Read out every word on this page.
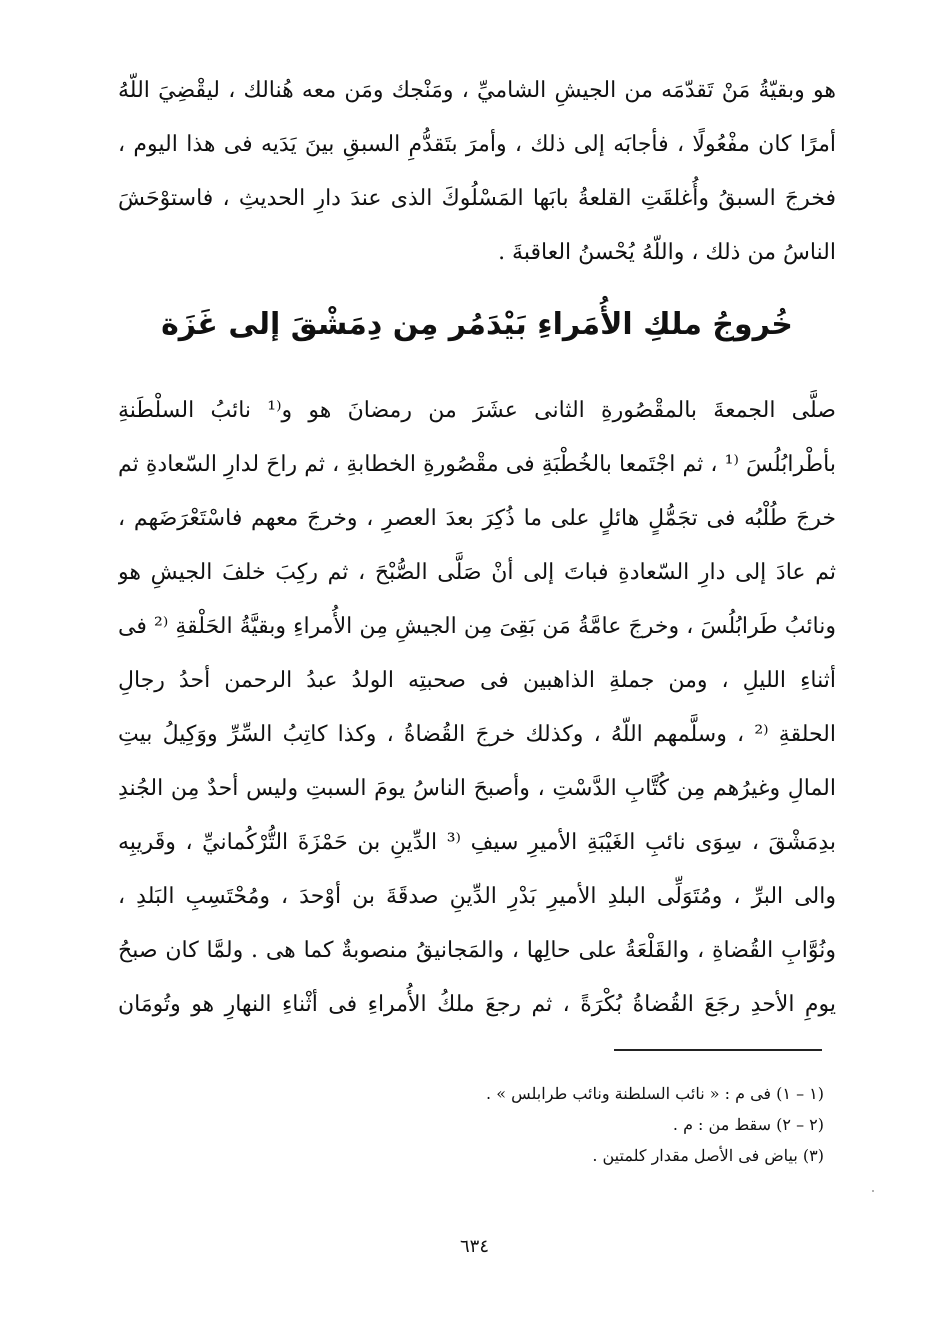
هو وبقيّةُ مَنْ تَقدّمَه من الجيشِ الشاميِّ ، ومَنْجك ومَن معه هُنالك ، ليقْضِيَ اللّهُ
أمرًا كان مفْعُولًا ، فأجابَه إلى ذلك ، وأمرَ بتَقدُّمِ السبقِ بينَ يَدَيه فى هذا اليوم ،
فخرجَ السبقُ وأُغلقَتِ القلعةُ بابَها المَسْلُوكَ الذى عندَ دارِ الحديثِ ، فاستوْحَشَ
الناسُ من ذلك ، واللّهُ يُحْسنُ العاقبةَ .
خُروجُ ملكِ الأُمَراءِ بَيْدَمُر مِن دِمَشْقَ إلى غَزَة
صلَّى الجمعةَ بالمقْصُورةِ الثانى عشَرَ من رمضانَ هو و⁽¹ نائبُ السلْطَنةِ
بأطْرابُلُسَ ⁽¹ ، ثم اجْتَمعا بالخُطْبَةِ فى مقْصُورةِ الخطابةِ ، ثم راحَ لدارِ السّعادةِ ثم
خرجَ طُلْبُه فى تجَمُّلٍ هائلٍ على ما ذُكِرَ بعدَ العصرِ ، وخرجَ معهم فاسْتَعْرَضَهم ،
ثم عادَ إلى دارِ السّعادةِ فباتَ إلى أنْ صَلَّى الصُّبْحَ ، ثم ركِبَ خلفَ الجيشِ هو
ونائبُ طَرابُلُسَ ، وخرجَ عامَّةُ مَن بَقِىَ مِن الجيشِ مِن الأُمراءِ وبقيَّةُ الحَلْقةِ ⁽² فى
أثناءِ الليلِ ، ومن جملةِ الذاهبين فى صحبتِه الولدُ عبدُ الرحمن أحدُ رجالِ
الحلقةِ ⁽² ، وسلَّمهم اللّهُ ، وكذلك خرجَ القُضاةُ ، وكذا كاتِبُ السِّرِّ ووَكِيلُ بيتِ
المالِ وغيرُهم مِن كُتَّابِ الدَّسْتِ ، وأصبحَ الناسُ يومَ السبتِ وليس أحدٌ مِن الجُندِ
بدِمَشْقَ ، سِوَى نائبِ الغَيْبَةِ الأميرِ سيفِ ⁽³ الدِّينِ بن حَمْزَةَ التُّرْكُمانيِّ ، وقَريبِه
والى البرِّ ، ومُتَوَلِّى البلدِ الأميرِ بَدْرِ الدِّينِ صدقَةَ بن أوْحدَ ، ومُحْتَسِبِ البَلدِ ،
ونُوَّابِ القُضاةِ ، والقَلْعَةُ على حالِها ، والمَجانيقُ منصوبةٌ كما هى . ولمَّا كان صبحُ
يومِ الأحدِ رجَعَ القُضاةُ بُكْرَةً ، ثم رجعَ ملكُ الأُمراءِ فى أثْناءِ النهارِ هو وتُومَان
(١ – ١) فى م : « نائب السلطنة ونائب طرابلس » .
(٢ – ٢) سقط من : م .
(٣) بياض فى الأصل مقدار كلمتين .
٦٣٤
